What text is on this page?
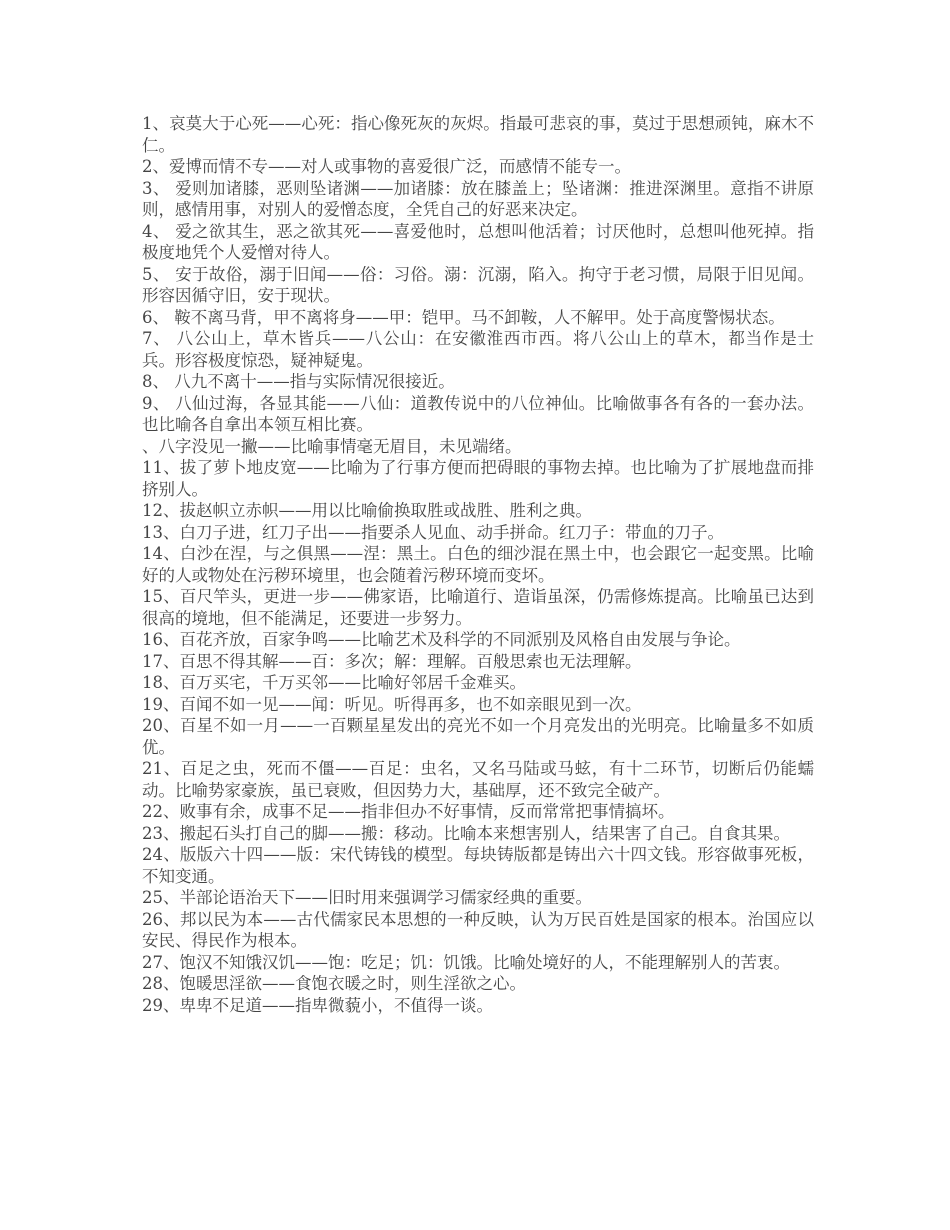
1、哀莫大于心死——心死：指心像死灰的灰烬。指最可悲哀的事，莫过于思想顽钝，麻木不仁。

2、爱博而情不专——对人或事物的喜爱很广泛，而感情不能专一。

3、 爱则加诸膝，恶则坠诸渊——加诸膝：放在膝盖上；坠诸渊：推进深渊里。意指不讲原则，感情用事，对别人的爱憎态度，全凭自己的好恶来决定。

4、 爱之欲其生，恶之欲其死——喜爱他时，总想叫他活着；讨厌他时，总想叫他死掉。指极度地凭个人爱憎对待人。

5、 安于故俗，溺于旧闻——俗：习俗。溺：沉溺，陷入。拘守于老习惯，局限于旧见闻。形容因循守旧，安于现状。

6、 鞍不离马背，甲不离将身——甲：铠甲。马不卸鞍，人不解甲。处于高度警惕状态。

7、 八公山上，草木皆兵——八公山：在安徽淮西市西。将八公山上的草木，都当作是士兵。形容极度惊恐，疑神疑鬼。

8、 八九不离十——指与实际情况很接近。

9、 八仙过海，各显其能——八仙：道教传说中的八位神仙。比喻做事各有各的一套办法。也比喻各自拿出本领互相比赛。

、八字没见一撇——比喻事情毫无眉目，未见端绪。

11、拔了萝卜地皮宽——比喻为了行事方便而把碍眼的事物去掉。也比喻为了扩展地盘而排挤别人。

12、拔赵帜立赤帜——用以比喻偷换取胜或战胜、胜利之典。

13、白刀子进，红刀子出——指要杀人见血、动手拼命。红刀子：带血的刀子。

14、白沙在涅，与之俱黑——涅：黑土。白色的细沙混在黑土中，也会跟它一起变黑。比喻好的人或物处在污秽环境里，也会随着污秽环境而变坏。

15、百尺竿头，更进一步——佛家语，比喻道行、造诣虽深，仍需修炼提高。比喻虽已达到很高的境地，但不能满足，还要进一步努力。

16、百花齐放，百家争鸣——比喻艺术及科学的不同派别及风格自由发展与争论。

17、百思不得其解——百：多次；解：理解。百般思索也无法理解。

18、百万买宅，千万买邻——比喻好邻居千金难买。

19、百闻不如一见——闻：听见。听得再多，也不如亲眼见到一次。

20、百星不如一月——一百颗星星发出的亮光不如一个月亮发出的光明亮。比喻量多不如质优。

21、百足之虫，死而不僵——百足：虫名，又名马陆或马蚿，有十二环节，切断后仍能蠕动。比喻势家豪族，虽已衰败，但因势力大，基础厚，还不致完全破产。

22、败事有余，成事不足——指非但办不好事情，反而常常把事情搞坏。

23、搬起石头打自己的脚——搬：移动。比喻本来想害别人，结果害了自己。自食其果。

24、版版六十四——版：宋代铸钱的模型。每块铸版都是铸出六十四文钱。形容做事死板，不知变通。

25、半部论语治天下——旧时用来强调学习儒家经典的重要。

26、邦以民为本——古代儒家民本思想的一种反映，认为万民百姓是国家的根本。治国应以安民、得民作为根本。

27、饱汉不知饿汉饥——饱：吃足；饥：饥饿。比喻处境好的人，不能理解别人的苦衷。

28、饱暖思淫欲——食饱衣暖之时，则生淫欲之心。

29、卑卑不足道——指卑微藐小，不值得一谈。
